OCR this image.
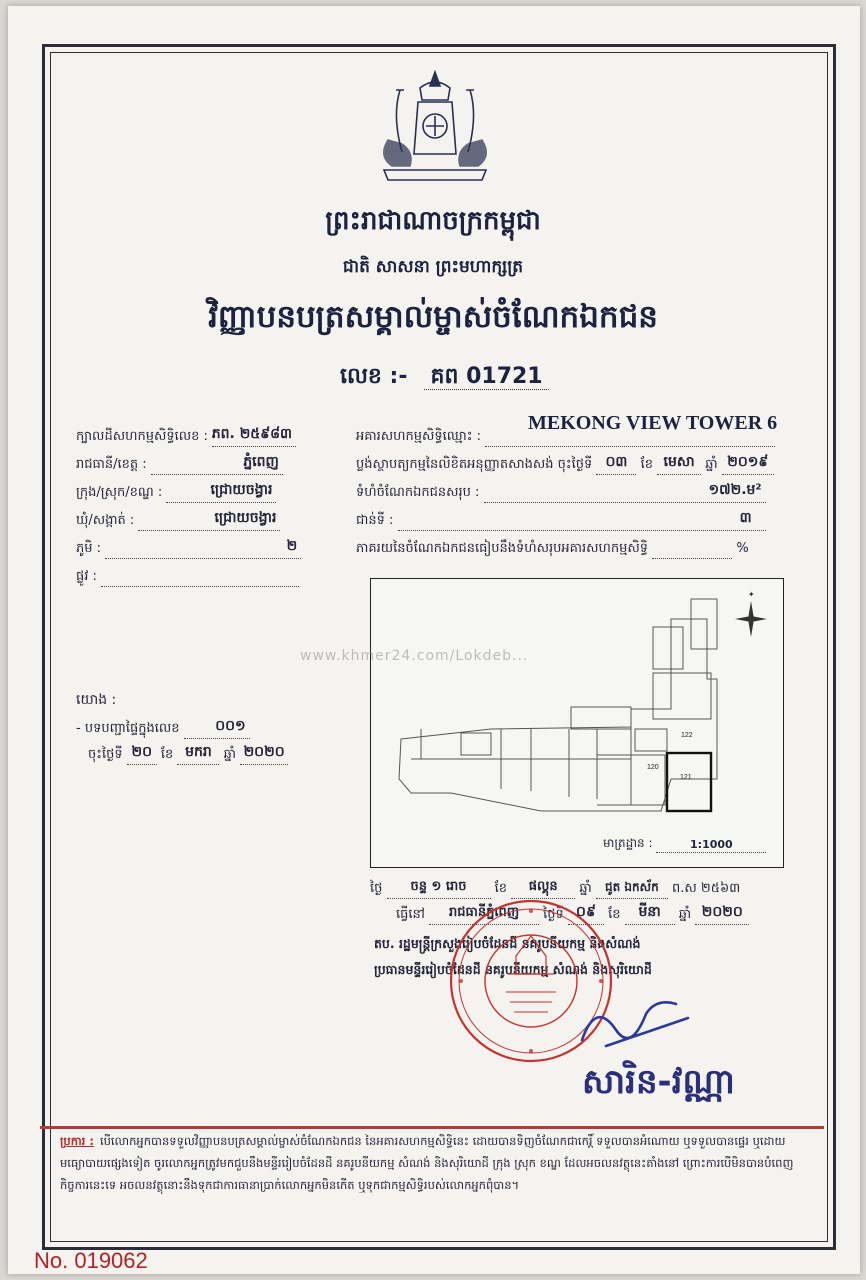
ព្រះរាជាណាចក្រកម្ពុជា
ជាតិ សាសនា ព្រះមហាក្សត្រ
វិញ្ញាបនបត្រសម្គាល់ម្ចាស់ចំណែកឯកជន
លេខ :- គព 01721
ក្បាលដីសហកម្មសិទ្ធិលេខ : ភព. ២៥៩៨៣
រាជធានី/ខេត្ត :	ភ្នំពេញ
ក្រុង/ស្រុក/ខណ្ឌ :	ជ្រោយចង្វារ
ឃុំ/សង្កាត់ :	ជ្រោយចង្វារ
ភូមិ :	២
ផ្លូវ :
អគារសហកម្មសិទ្ធិឈ្មោះ :
MEKONG VIEW TOWER 6
ប្លង់ស្ថាបត្យកម្មនៃលិខិតអនុញ្ញាតសាងសង់ ចុះថ្ងៃទី ០៣ ខែ មេសា ឆ្នាំ ២០១៩
ទំហំចំណែកឯកជនសរុប :	១៧២.ម²
ជាន់ទី :	៣
ភាគរយនៃចំណែកឯកជនធៀបនឹងទំហំសរុបអគារសហកម្មសិទ្ធិ	%
យោង :
- បទបញ្ជាផ្ទៃក្នុងលេខ	០០១
ចុះថ្ងៃទី ២០ ខែ មករា ឆ្នាំ ២០២០
122
120
121
✦
មាត្រដ្ឋាន :	1:1000
www.khmer24.com/Lokdeb...
ថ្ងៃ ចន្ទ ១ រោច ខែ ផល្គុន ឆ្នាំ ជូត ឯកស័ក ព.ស ២៥៦៣
ធ្វើនៅ រាជធានីភ្នំពេញ ថ្ងៃទី ០៩ ខែ មីនា ឆ្នាំ ២០២០
តប. រដ្ឋមន្ត្រីក្រសួងរៀបចំដែនដី នគរូបនីយកម្ម និងសំណង់
ប្រធានមន្ទីររៀបចំដែនដី នគរូបនីយកម្ម សំណង់ និងសុរិយោដី
សារិន-វណ្ណា
ប្រការ : បើលោកអ្នកបានទទួលវិញ្ញាបនបត្រសម្គាល់ម្ចាស់ចំណែកឯកជន នៃអគារសហកម្មសិទ្ធិនេះ ដោយបានទិញចំណែកជាកេរ្តិ៍ ទទួលបានអំណោយ ឬទទួលបានផ្ទេរ ឬដោយមធ្យោបាយផ្សេងទៀត ចូរលោកអ្នកត្រូវមកជួបនឹងមន្ទីររៀបចំដែនដី នគរូបនីយកម្ម សំណង់ និងសុរិយោដី ក្រុង ស្រុក ខណ្ឌ ដែលអចលនវត្ថុនេះតាំងនៅ ព្រោះការបើមិនបានបំពេញកិច្ចការនេះទេ អចលនវត្ថុនោះនឹងទុកជាការធានាប្រាក់លោកអ្នកមិនកើត ឬទុកជាកម្មសិទ្ធិរបស់លោកអ្នកពុំបាន។
No. 019062
